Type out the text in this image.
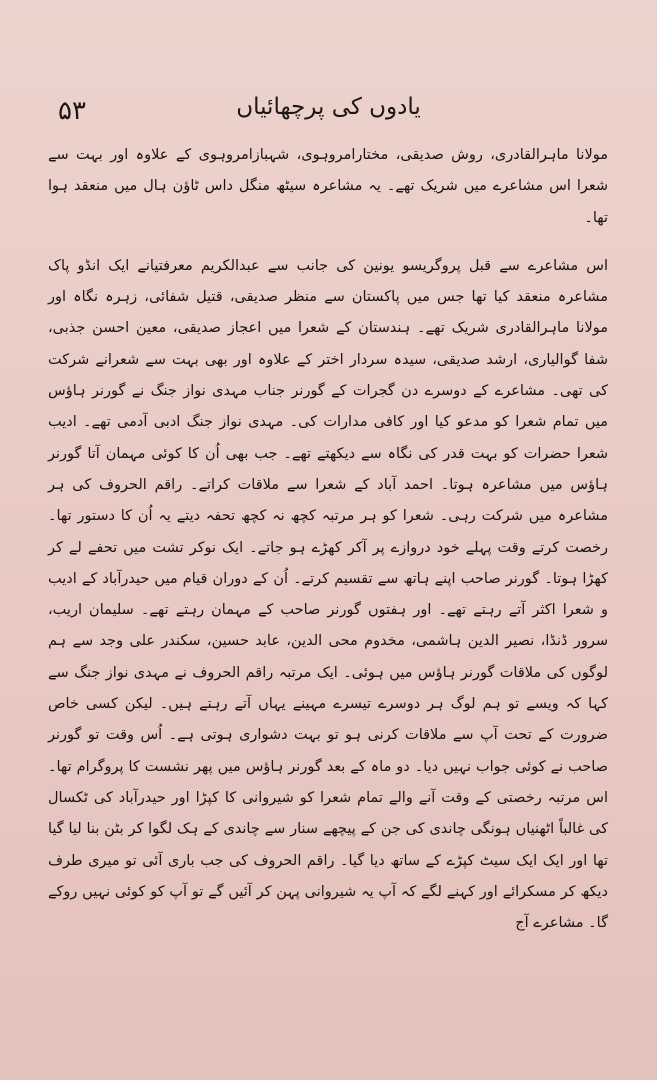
۵۳	یادوں کی پرچھائیاں

مولانا ماہرالقادری، روش صدیقی، مختارامروہوی، شہبازامروہوی کے علاوہ اور بہت سے شعرا اس مشاعرے میں شریک تھے۔ یہ مشاعرہ سیٹھ منگل داس ٹاؤن ہال میں منعقد ہوا تھا۔

اس مشاعرے سے قبل پروگریسو یونین کی جانب سے عبدالکریم معرفتیانے ایک انڈو پاک مشاعرہ منعقد کیا تھا جس میں پاکستان سے منظر صدیقی، قتیل شفائی، زہرہ نگاہ اور مولانا ماہرالقادری شریک تھے۔ ہندستان کے شعرا میں اعجاز صدیقی، معین احسن جذبی، شفا گوالیاری، ارشد صدیقی، سیدہ سردار اختر کے علاوہ اور بھی بہت سے شعرانے شرکت کی تھی۔ مشاعرے کے دوسرے دن گجرات کے گورنر جناب مہدی نواز جنگ نے گورنر ہاؤس میں تمام شعرا کو مدعو کیا اور کافی مدارات کی۔ مہدی نواز جنگ ادبی آدمی تھے۔ ادیب شعرا حضرات کو بہت قدر کی نگاہ سے دیکھتے تھے۔ جب بھی اُن کا کوئی مہمان آتا گورنر ہاؤس میں مشاعرہ ہوتا۔ احمد آباد کے شعرا سے ملاقات کراتے۔ راقم الحروف کی ہر مشاعرہ میں شرکت رہی۔ شعرا کو ہر مرتبہ کچھ نہ کچھ تحفہ دیتے یہ اُن کا دستور تھا۔ رخصت کرتے وقت پہلے خود دروازے پر آکر کھڑے ہو جاتے۔ ایک نوکر تشت میں تحفے لے کر کھڑا ہوتا۔ گورنر صاحب اپنے ہاتھ سے تقسیم کرتے۔ اُن کے دوران قیام میں حیدرآباد کے ادیب و شعرا اکثر آتے رہتے تھے۔ اور ہفتوں گورنر صاحب کے مہمان رہتے تھے۔ سلیمان اریب، سرور ڈنڈا، نصیر الدین ہاشمی، مخدوم محی الدین، عابد حسین، سکندر علی وجد سے ہم لوگوں کی ملاقات گورنر ہاؤس میں ہوئی۔ ایک مرتبہ راقم الحروف نے مہدی نواز جنگ سے کہا کہ ویسے تو ہم لوگ ہر دوسرے تیسرے مہینے یہاں آتے رہتے ہیں۔ لیکن کسی خاص ضرورت کے تحت آپ سے ملاقات کرنی ہو تو بہت دشواری ہوتی ہے۔ اُس وقت تو گورنر صاحب نے کوئی جواب نہیں دیا۔ دو ماہ کے بعد گورنر ہاؤس میں پھر نشست کا پروگرام تھا۔ اس مرتبہ رخصتی کے وقت آنے والے تمام شعرا کو شیروانی کا کپڑا اور حیدرآباد کی ٹکسال کی غالباً اٹھنیاں ہونگی چاندی کی جن کے پیچھے سنار سے چاندی کے ہک لگوا کر بٹن بنا لیا گیا تھا اور ایک ایک سیٹ کپڑے کے ساتھ دیا گیا۔ راقم الحروف کی جب باری آئی تو میری طرف دیکھ کر مسکرائے اور کہنے لگے کہ آپ یہ شیروانی پہن کر آئیں گے تو آپ کو کوئی نہیں روکے گا۔ مشاعرے آج
